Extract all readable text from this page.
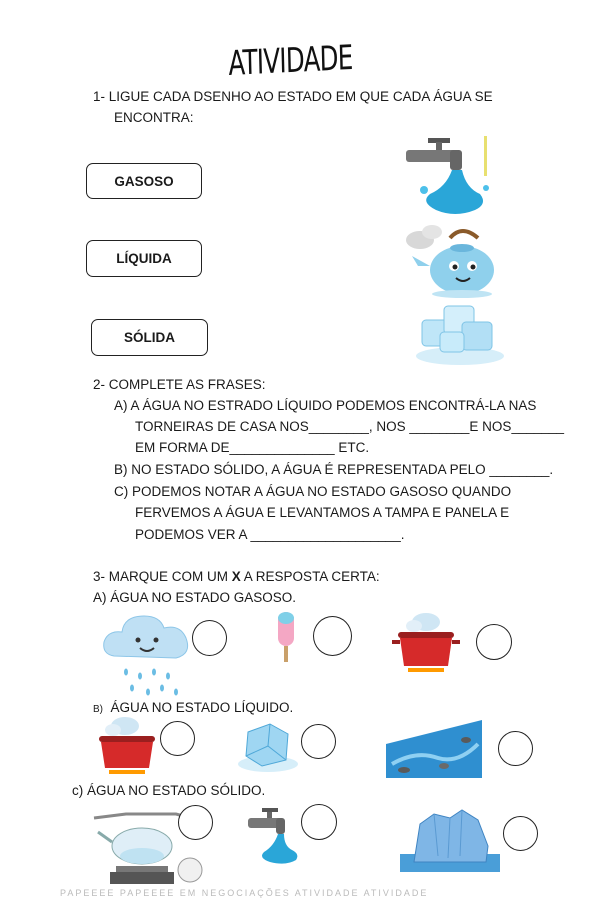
ATIVIDADE
1- LIGUE CADA DSENHO AO ESTADO EM QUE CADA ÁGUA SE
ENCONTRA:
GASOSO
LÍQUIDA
SÓLIDA
2- COMPLETE AS FRASES:
A) A ÁGUA NO ESTRADO LÍQUIDO PODEMOS ENCONTRÁ-LA NAS
TORNEIRAS DE CASA NOS________, NOS ________E NOS_______
EM FORMA DE______________ ETC.
B) NO ESTADO SÓLIDO, A ÁGUA É REPRESENTADA PELO ________.
C) PODEMOS NOTAR A ÁGUA NO ESTADO GASOSO QUANDO
FERVEMOS A ÁGUA E LEVANTAMOS A TAMPA E PANELA E
PODEMOS VER A ____________________.
3- MARQUE COM UM X A RESPOSTA CERTA:
A) ÁGUA NO ESTADO GASOSO.
B) ÁGUA NO ESTADO LÍQUIDO.
c) ÁGUA NO ESTADO SÓLIDO.
PAPEEEE PAPEEEE EM NEGOCIAÇÕES ATIVIDADE ATIVIDADE
